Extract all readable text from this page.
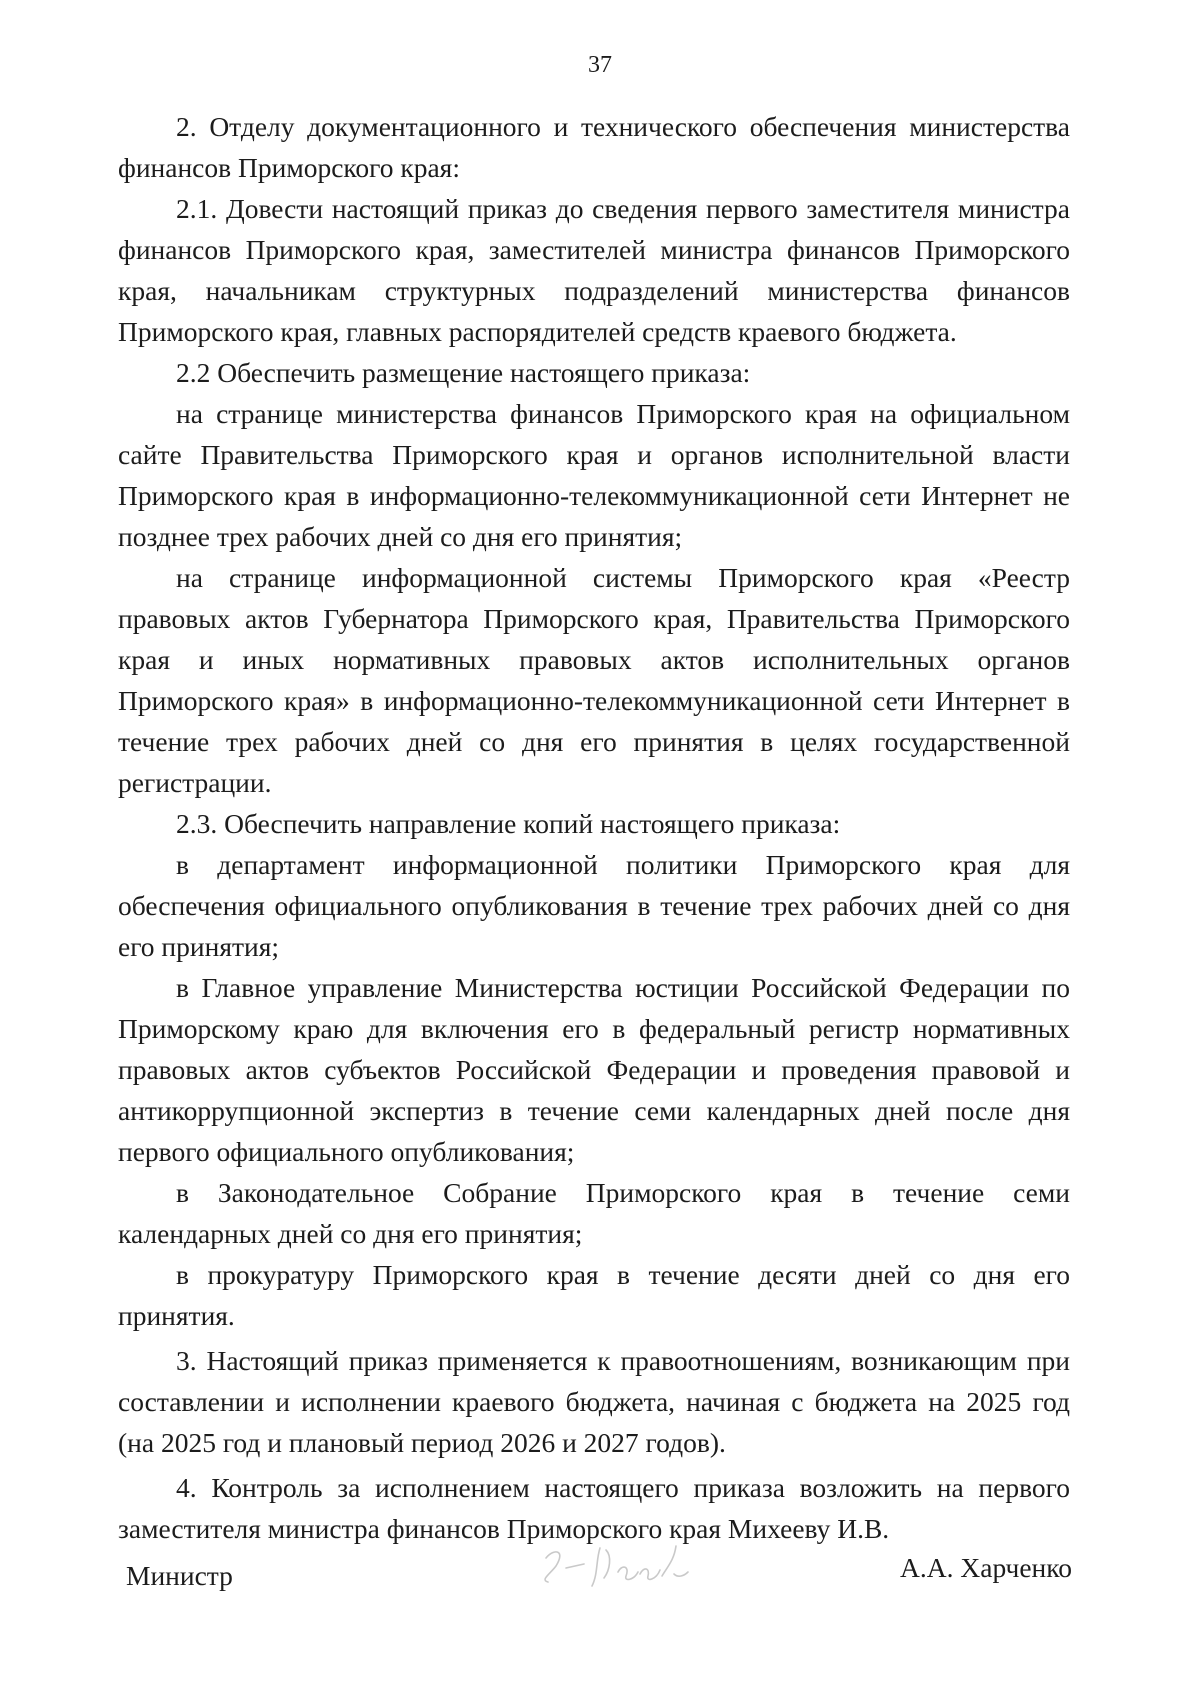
37

2. Отделу документационного и технического обеспечения министерства финансов Приморского края:

2.1. Довести настоящий приказ до сведения первого заместителя министра финансов Приморского края, заместителей министра финансов Приморского края, начальникам структурных подразделений министерства финансов Приморского края, главных распорядителей средств краевого бюджета.

2.2 Обеспечить размещение настоящего приказа:

на странице министерства финансов Приморского края на официальном сайте Правительства Приморского края и органов исполнительной власти Приморского края в информационно-телекоммуникационной сети Интернет не позднее трех рабочих дней со дня его принятия;

на странице информационной системы Приморского края «Реестр правовых актов Губернатора Приморского края, Правительства Приморского края и иных нормативных правовых актов исполнительных органов Приморского края» в информационно-телекоммуникационной сети Интернет в течение трех рабочих дней со дня его принятия в целях государственной регистрации.

2.3. Обеспечить направление копий настоящего приказа:

в департамент информационной политики Приморского края для обеспечения официального опубликования в течение трех рабочих дней со дня его принятия;

в Главное управление Министерства юстиции Российской Федерации по Приморскому краю для включения его в федеральный регистр нормативных правовых актов субъектов Российской Федерации и проведения правовой и антикоррупционной экспертиз в течение семи календарных дней после дня первого официального опубликования;

в Законодательное Собрание Приморского края в течение семи календарных дней со дня его принятия;

в прокуратуру Приморского края в течение десяти дней со дня его принятия.

3. Настоящий приказ применяется к правоотношениям, возникающим при составлении и исполнении краевого бюджета, начиная с бюджета на 2025 год (на 2025 год и плановый период 2026 и 2027 годов).

4. Контроль за исполнением настоящего приказа возложить на первого заместителя министра финансов Приморского края Михееву И.В.

Министр	А.А. Харченко
